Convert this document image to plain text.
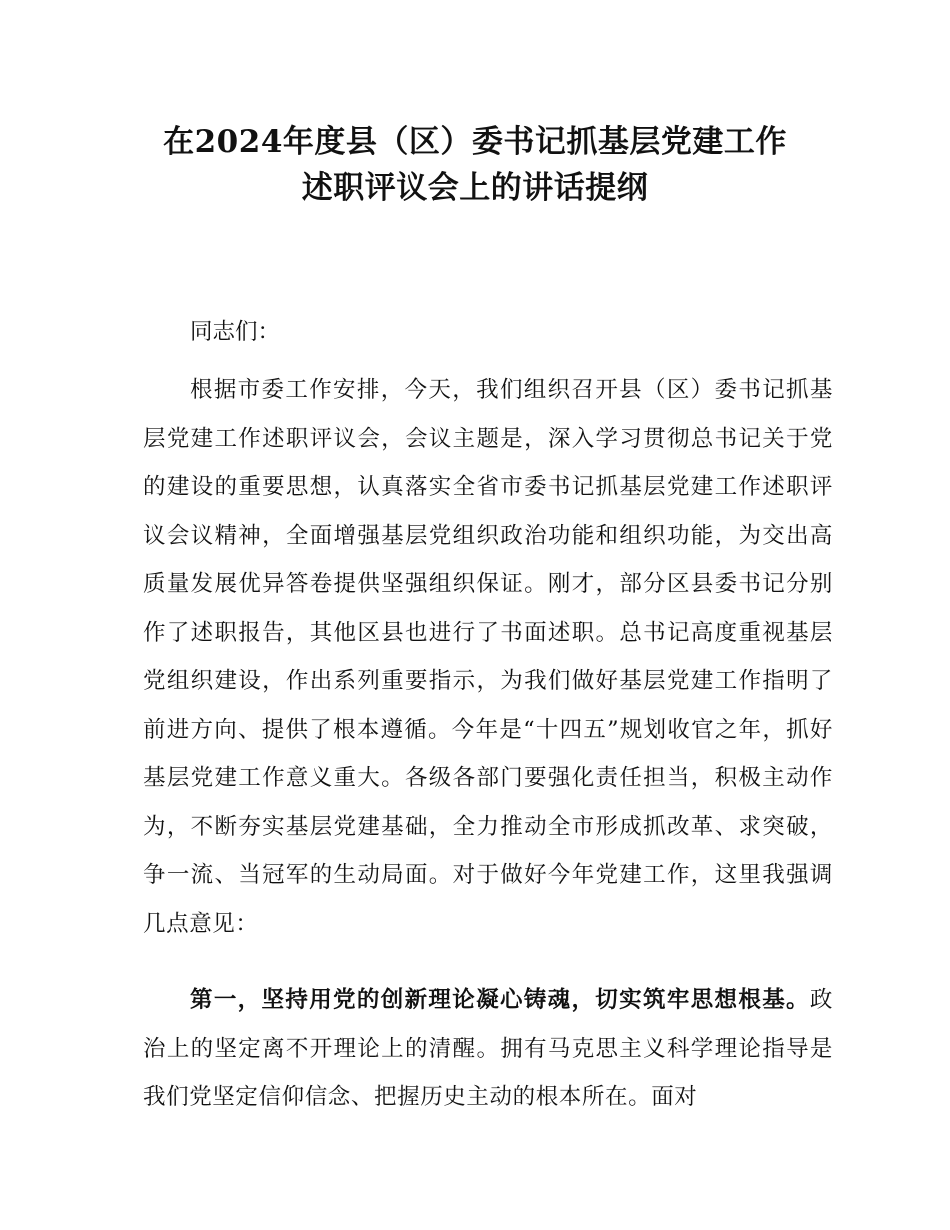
在2024年度县（区）委书记抓基层党建工作
述职评议会上的讲话提纲

同志们：

根据市委工作安排，今天，我们组织召开县（区）委书记抓基层党建工作述职评议会，会议主题是，深入学习贯彻总书记关于党的建设的重要思想，认真落实全省市委书记抓基层党建工作述职评议会议精神，全面增强基层党组织政治功能和组织功能，为交出高质量发展优异答卷提供坚强组织保证。刚才，部分区县委书记分别作了述职报告，其他区县也进行了书面述职。总书记高度重视基层党组织建设，作出系列重要指示，为我们做好基层党建工作指明了前进方向、提供了根本遵循。今年是“十四五”规划收官之年，抓好基层党建工作意义重大。各级各部门要强化责任担当，积极主动作为，不断夯实基层党建基础，全力推动全市形成抓改革、求突破，争一流、当冠军的生动局面。对于做好今年党建工作，这里我强调几点意见：

第一，坚持用党的创新理论凝心铸魂，切实筑牢思想根基。政治上的坚定离不开理论上的清醒。拥有马克思主义科学理论指导是我们党坚定信仰信念、把握历史主动的根本所在。面对
